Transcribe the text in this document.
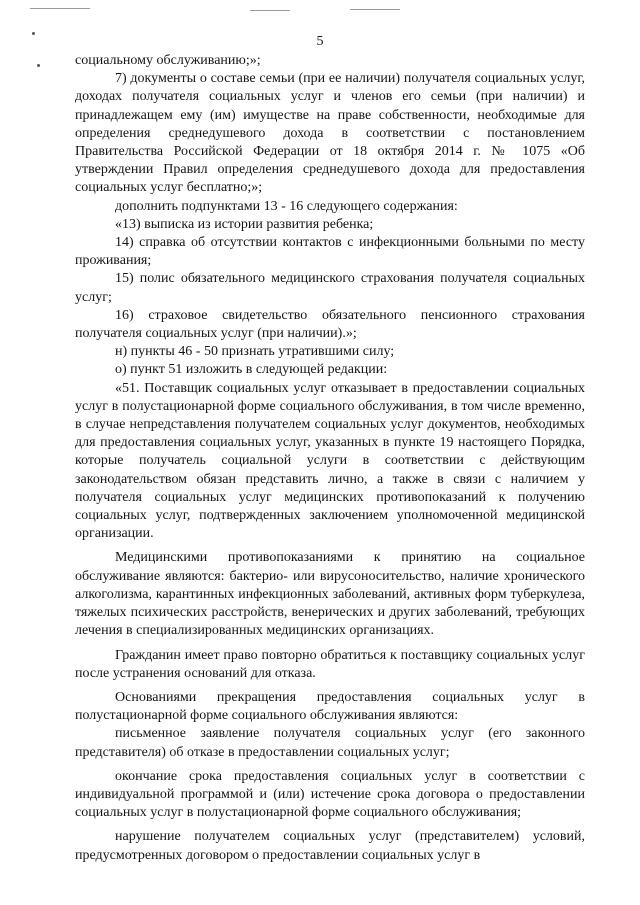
5

социальному обслуживанию;»;

7) документы о составе семьи (при ее наличии) получателя социальных услуг, доходах получателя социальных услуг и членов его семьи (при наличии) и принадлежащем ему (им) имуществе на праве собственности, необходимые для определения среднедушевого дохода в соответствии с постановлением Правительства Российской Федерации от 18 октября 2014 г. № 1075 «Об утверждении Правил определения среднедушевого дохода для предоставления социальных услуг бесплатно;»;

дополнить подпунктами 13 - 16 следующего содержания:

«13) выписка из истории развития ребенка;

14) справка об отсутствии контактов с инфекционными больными по месту проживания;

15) полис обязательного медицинского страхования получателя социальных услуг;

16) страховое свидетельство обязательного пенсионного страхования получателя социальных услуг (при наличии).»;

н) пункты 46 - 50 признать утратившими силу;

о) пункт 51 изложить в следующей редакции:

«51. Поставщик социальных услуг отказывает в предоставлении социальных услуг в полустационарной форме социального обслуживания, в том числе временно, в случае непредставления получателем социальных услуг документов, необходимых для предоставления социальных услуг, указанных в пункте 19 настоящего Порядка, которые получатель социальной услуги в соответствии с действующим законодательством обязан представить лично, а также в связи с наличием у получателя социальных услуг медицинских противопоказаний к получению социальных услуг, подтвержденных заключением уполномоченной медицинской организации.

Медицинскими противопоказаниями к принятию на социальное обслуживание являются: бактерио- или вирусоносительство, наличие хронического алкоголизма, карантинных инфекционных заболеваний, активных форм туберкулеза, тяжелых психических расстройств, венерических и других заболеваний, требующих лечения в специализированных медицинских организациях.

Гражданин имеет право повторно обратиться к поставщику социальных услуг после устранения оснований для отказа.

Основаниями прекращения предоставления социальных услуг в полустационарной форме социального обслуживания являются:

письменное заявление получателя социальных услуг (его законного представителя) об отказе в предоставлении социальных услуг;

окончание срока предоставления социальных услуг в соответствии с индивидуальной программой и (или) истечение срока договора о предоставлении социальных услуг в полустационарной форме социального обслуживания;

нарушение получателем социальных услуг (представителем) условий, предусмотренных договором о предоставлении социальных услуг в
